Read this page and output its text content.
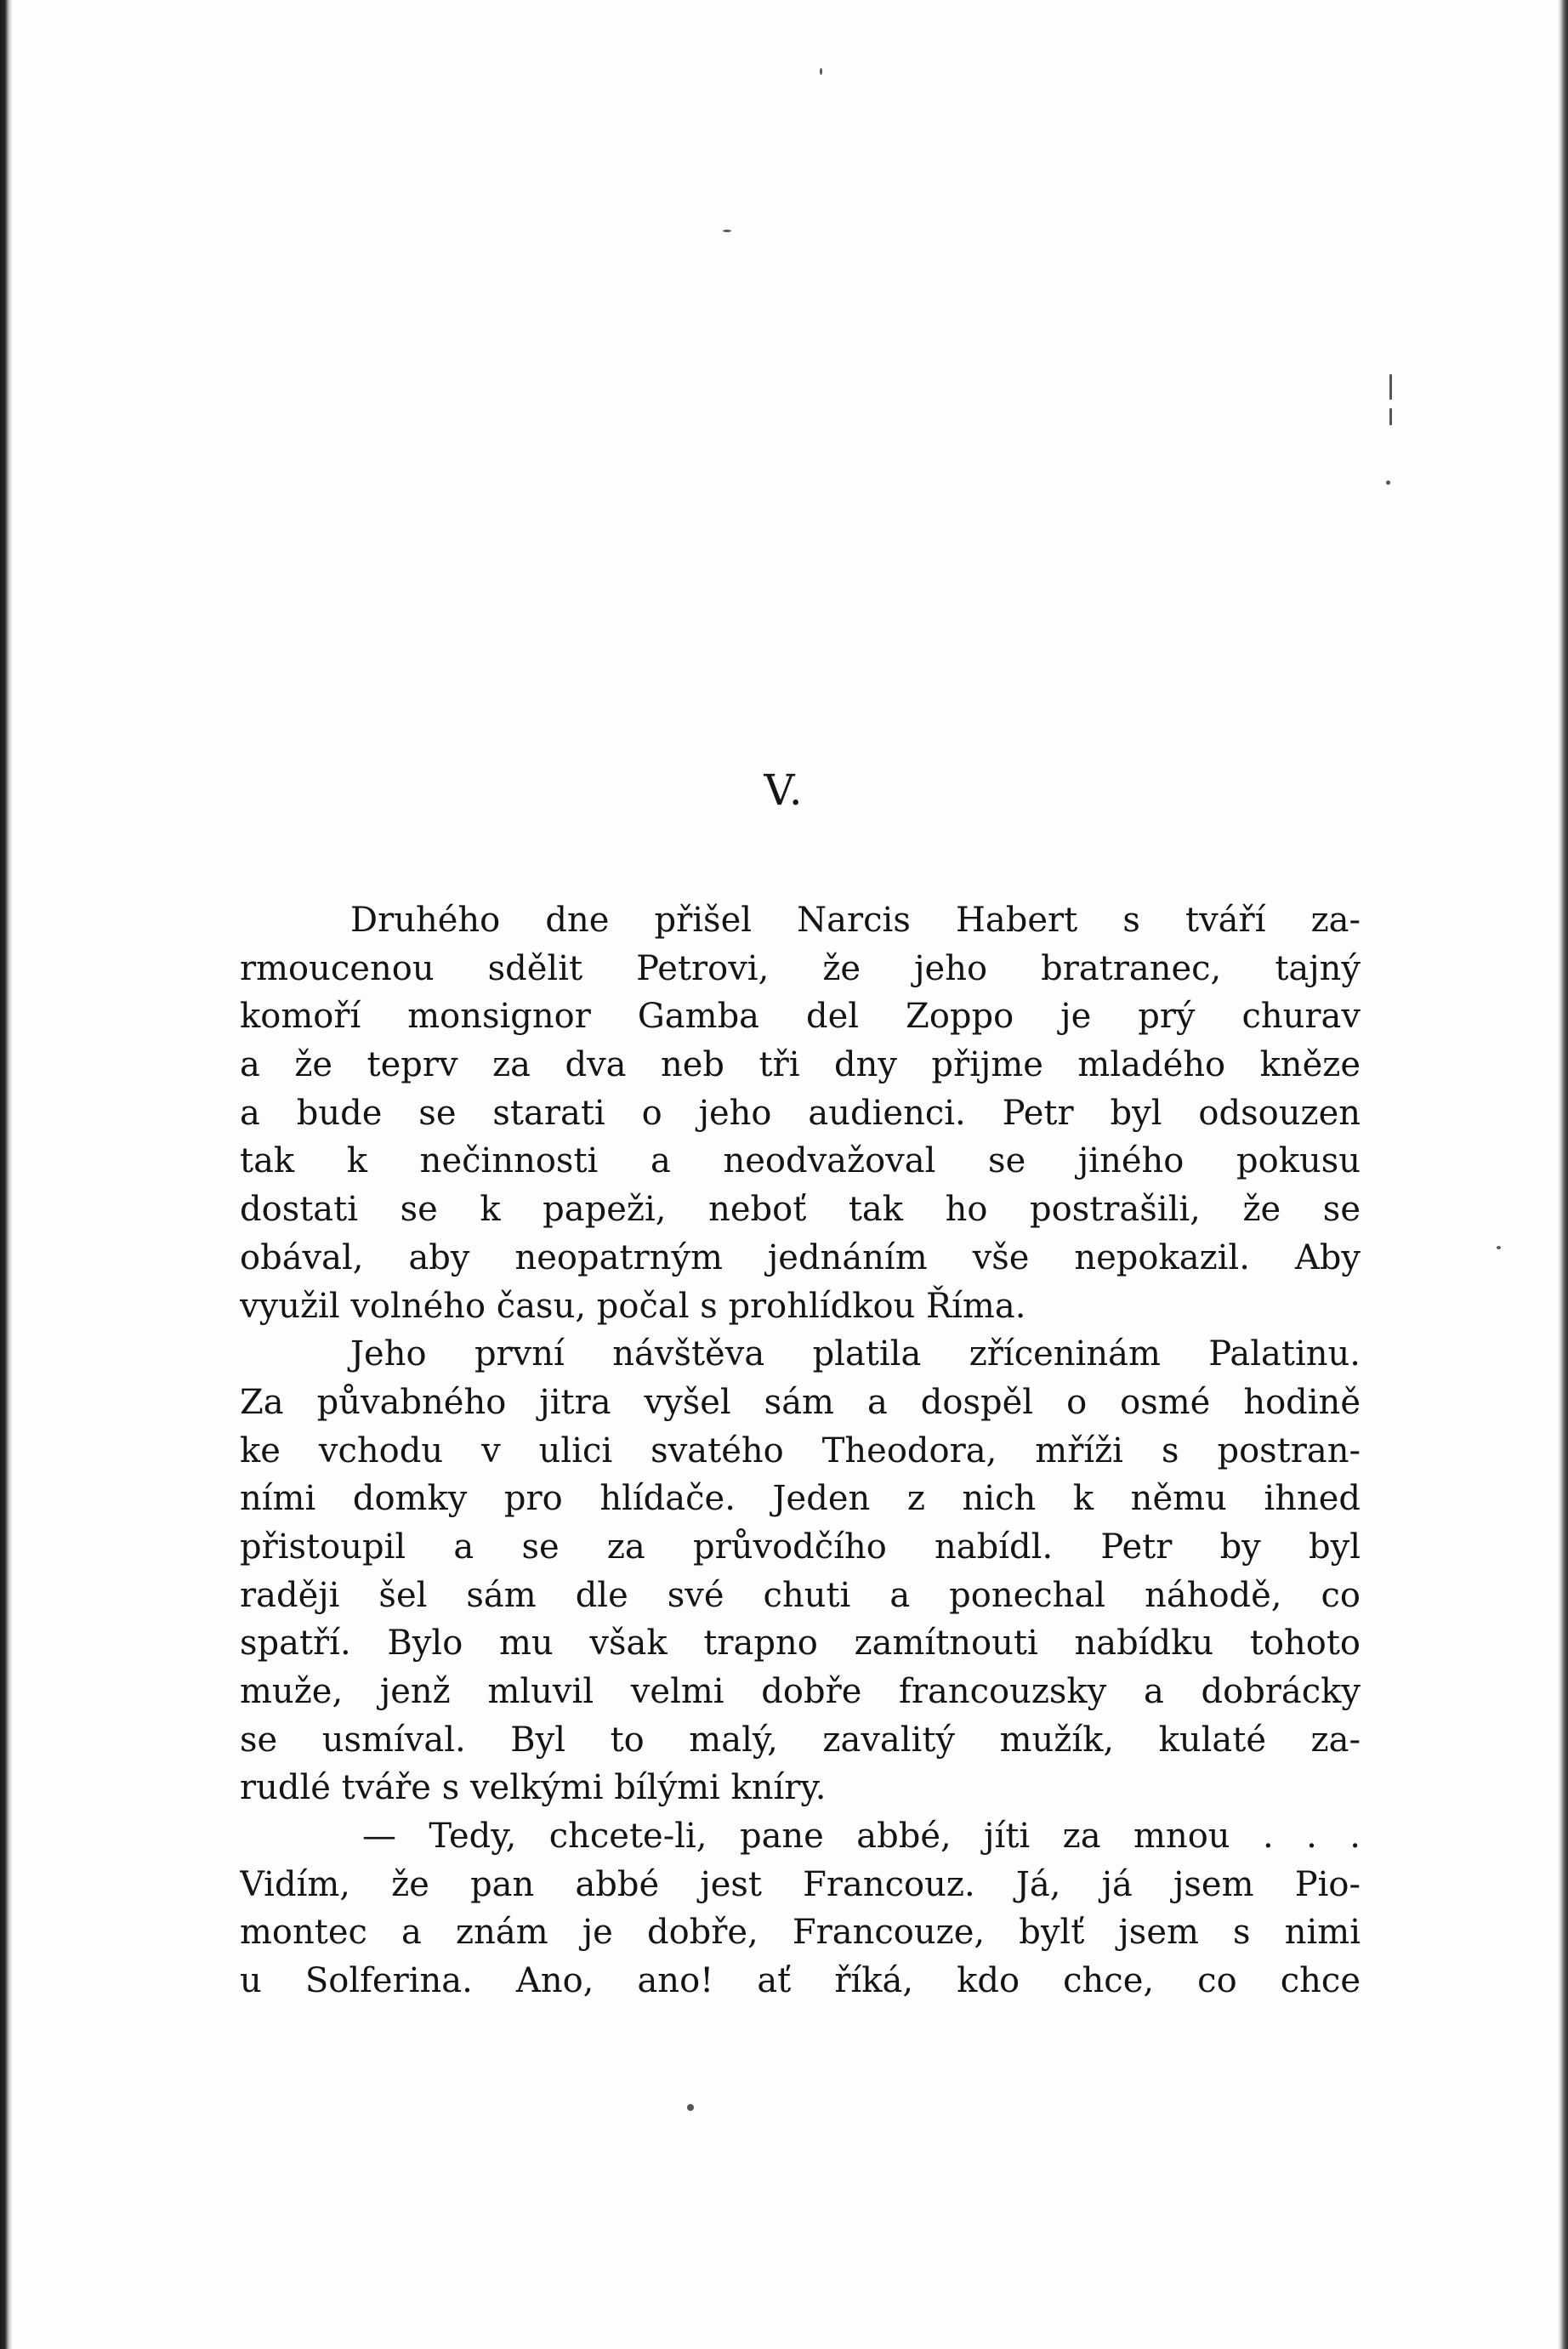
V.
Druhého dne přišel Narcis Habert s tváří za-
rmoucenou sdělit Petrovi, že jeho bratranec, tajný
komoří monsignor Gamba del Zoppo je prý churav
a že teprv za dva neb tři dny přijme mladého kněze
a bude se starati o jeho audienci. Petr byl odsouzen
tak k nečinnosti a neodvažoval se jiného pokusu
dostati se k papeži, neboť tak ho postrašili, že se
obával, aby neopatrným jednáním vše nepokazil. Aby
využil volného času, počal s prohlídkou Říma.
Jeho první návštěva platila zříceninám Palatinu.
Za půvabného jitra vyšel sám a dospěl o osmé hodině
ke vchodu v ulici svatého Theodora, mříži s postran-
ními domky pro hlídače. Jeden z nich k němu ihned
přistoupil a se za průvodčího nabídl. Petr by byl
raději šel sám dle své chuti a ponechal náhodě, co
spatří. Bylo mu však trapno zamítnouti nabídku tohoto
muže, jenž mluvil velmi dobře francouzsky a dobrácky
se usmíval. Byl to malý, zavalitý mužík, kulaté za-
rudlé tváře s velkými bílými kníry.
— Tedy, chcete-li, pane abbé, jíti za mnou . . .
Vidím, že pan abbé jest Francouz. Já, já jsem Pio-
montec a znám je dobře, Francouze, bylť jsem s nimi
u Solferina. Ano, ano! ať říká, kdo chce, co chce
